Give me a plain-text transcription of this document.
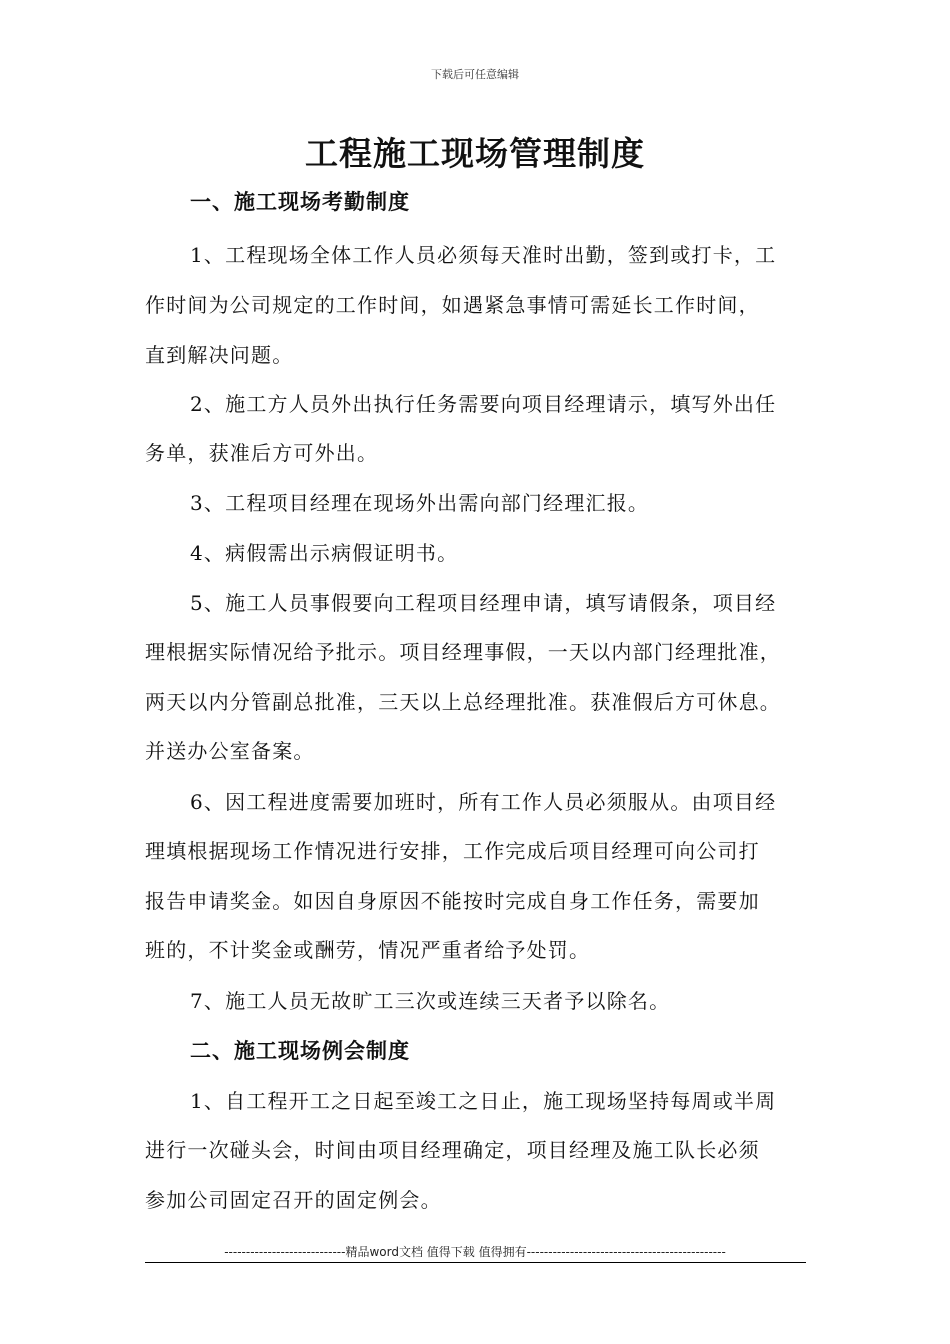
下载后可任意编辑
工程施工现场管理制度
一、施工现场考勤制度
1、工程现场全体工作人员必须每天准时出勤，签到或打卡，工
作时间为公司规定的工作时间，如遇紧急事情可需延长工作时间，
直到解决问题。
2、施工方人员外出执行任务需要向项目经理请示，填写外出任
务单，获准后方可外出。
3、工程项目经理在现场外出需向部门经理汇报。
4、病假需出示病假证明书。
5、施工人员事假要向工程项目经理申请，填写请假条，项目经
理根据实际情况给予批示。项目经理事假，一天以内部门经理批准，
两天以内分管副总批准，三天以上总经理批准。获准假后方可休息。
并送办公室备案。
6、因工程进度需要加班时，所有工作人员必须服从。由项目经
理填根据现场工作情况进行安排，工作完成后项目经理可向公司打
报告申请奖金。如因自身原因不能按时完成自身工作任务，需要加
班的，不计奖金或酬劳，情况严重者给予处罚。
7、施工人员无故旷工三次或连续三天者予以除名。
二、施工现场例会制度
1、自工程开工之日起至竣工之日止，施工现场坚持每周或半周
进行一次碰头会，时间由项目经理确定，项目经理及施工队长必须
参加公司固定召开的固定例会。
----------------------------精品word文档 值得下载 值得拥有----------------------------------------------
